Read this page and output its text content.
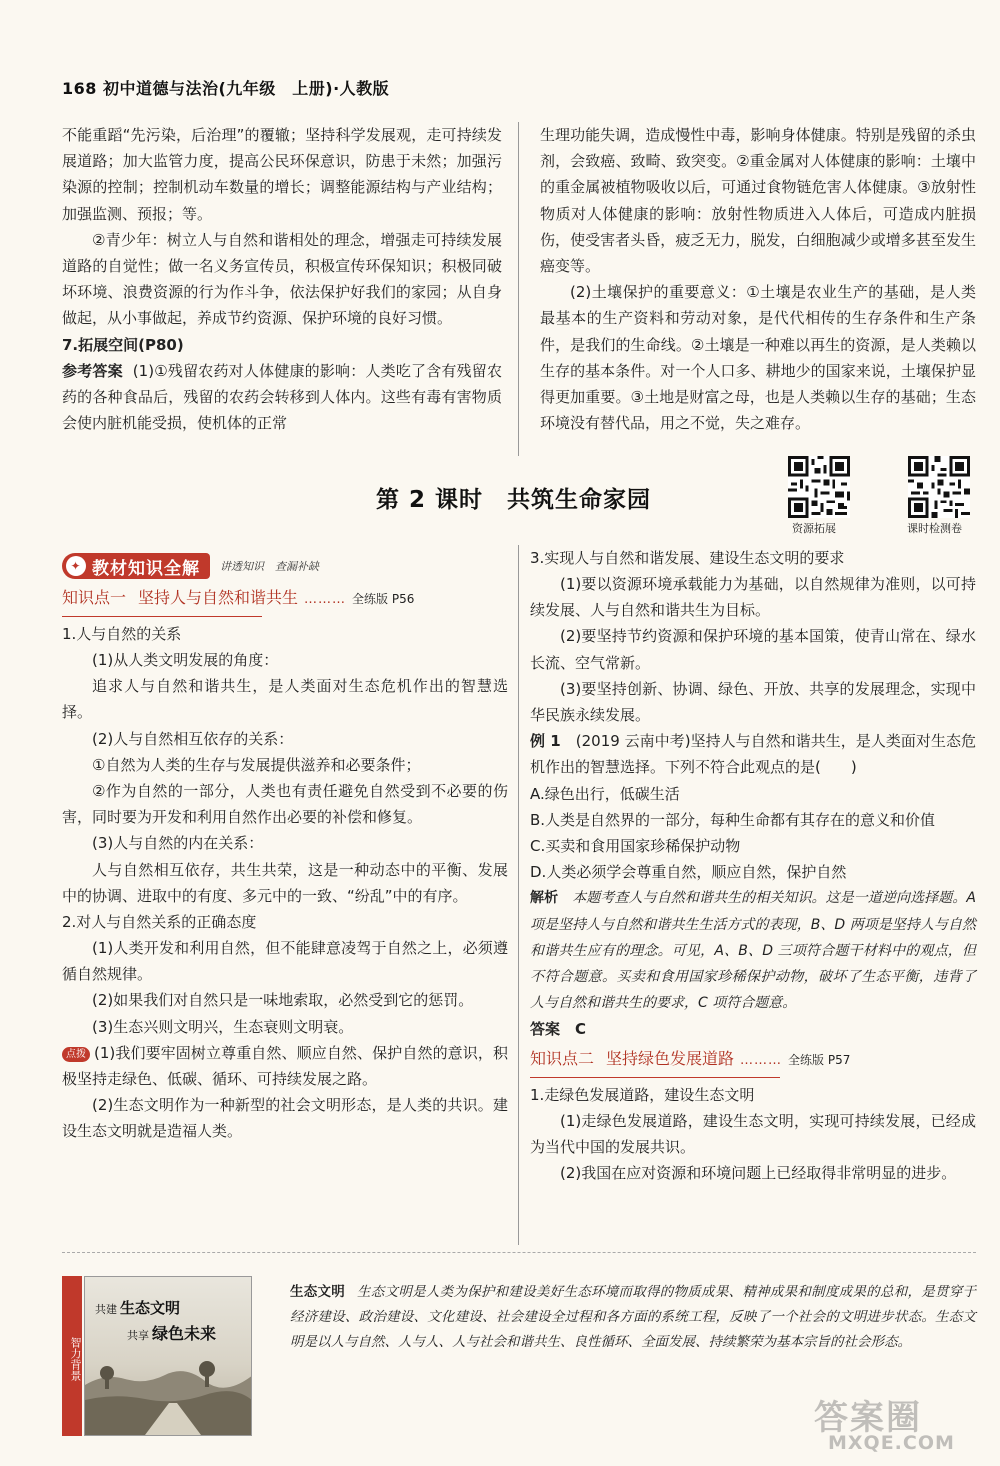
168 初中道德与法治(九年级　上册)·人教版

不能重蹈“先污染，后治理”的覆辙；坚持科学发展观，走可持续发展道路；加大监管力度，提高公民环保意识，防患于未然；加强污染源的控制；控制机动车数量的增长；调整能源结构与产业结构；加强监测、预报；等。

②青少年：树立人与自然和谐相处的理念，增强走可持续发展道路的自觉性；做一名义务宣传员，积极宣传环保知识；积极同破坏环境、浪费资源的行为作斗争，依法保护好我们的家园；从自身做起，从小事做起，养成节约资源、保护环境的良好习惯。

7.拓展空间(P80)

参考答案 (1)①残留农药对人体健康的影响：人类吃了含有残留农药的各种食品后，残留的农药会转移到人体内。这些有毒有害物质会使内脏机能受损，使机体的正常

生理功能失调，造成慢性中毒，影响身体健康。特别是残留的杀虫剂，会致癌、致畸、致突变。②重金属对人体健康的影响：土壤中的重金属被植物吸收以后，可通过食物链危害人体健康。③放射性物质对人体健康的影响：放射性物质进入人体后，可造成内脏损伤，使受害者头昏，疲乏无力，脱发，白细胞减少或增多甚至发生癌变等。

(2)土壤保护的重要意义：①土壤是农业生产的基础，是人类最基本的生产资料和劳动对象，是代代相传的生存条件和生产条件，是我们的生命线。②土壤是一种难以再生的资源，是人类赖以生存的基本条件。对一个人口多、耕地少的国家来说，土壤保护显得更加重要。③土地是财富之母，也是人类赖以生存的基础；生态环境没有替代品，用之不觉，失之难存。

第 2 课时　共筑生命家园
资源拓展	课时检测卷
✦ 教材知识全解 讲透知识　查漏补缺
知识点一 坚持人与自然和谐共生 ……… 全练版 P56
1.人与自然的关系

(1)从人类文明发展的角度：

追求人与自然和谐共生，是人类面对生态危机作出的智慧选择。

(2)人与自然相互依存的关系：

①自然为人类的生存与发展提供滋养和必要条件；

②作为自然的一部分，人类也有责任避免自然受到不必要的伤害，同时要为开发和利用自然作出必要的补偿和修复。

(3)人与自然的内在关系：

人与自然相互依存，共生共荣，这是一种动态中的平衡、发展中的协调、进取中的有度、多元中的一致、“纷乱”中的有序。

2.对人与自然关系的正确态度

(1)人类开发和利用自然，但不能肆意凌驾于自然之上，必须遵循自然规律。

(2)如果我们对自然只是一味地索取，必然受到它的惩罚。

(3)生态兴则文明兴，生态衰则文明衰。

点拨 (1)我们要牢固树立尊重自然、顺应自然、保护自然的意识，积极坚持走绿色、低碳、循环、可持续发展之路。

(2)生态文明作为一种新型的社会文明形态，是人类的共识。建设生态文明就是造福人类。

3.实现人与自然和谐发展、建设生态文明的要求

(1)要以资源环境承载能力为基础，以自然规律为准则，以可持续发展、人与自然和谐共生为目标。

(2)要坚持节约资源和保护环境的基本国策，使青山常在、绿水长流、空气常新。

(3)要坚持创新、协调、绿色、开放、共享的发展理念，实现中华民族永续发展。

例 1　 (2019 云南中考)坚持人与自然和谐共生，是人类面对生态危机作出的智慧选择。下列不符合此观点的是(　　)

A.绿色出行，低碳生活

B.人类是自然界的一部分，每种生命都有其存在的意义和价值

C.买卖和食用国家珍稀保护动物

D.人类必须学会尊重自然，顺应自然，保护自然

解析　 本题考查人与自然和谐共生的相关知识。这是一道逆向选择题。A 项是坚持人与自然和谐共生生活方式的表现，B、D 两项是坚持人与自然和谐共生应有的理念。可见，A、B、D 三项符合题干材料中的观点，但不符合题意。买卖和食用国家珍稀保护动物，破坏了生态平衡，违背了人与自然和谐共生的要求，C 项符合题意。

答案　 C

知识点二 坚持绿色发展道路 ……… 全练版 P57
1.走绿色发展道路，建设生态文明

(1)走绿色发展道路，建设生态文明，实现可持续发展，已经成为当代中国的发展共识。

(2)我国在应对资源和环境问题上已经取得非常明显的进步。

智力背景
共建 生态文明
共享 绿色未来
生态文明 生态文明是人类为保护和建设美好生态环境而取得的物质成果、精神成果和制度成果的总和，是贯穿于经济建设、政治建设、文化建设、社会建设全过程和各方面的系统工程，反映了一个社会的文明进步状态。生态文明是以人与自然、人与人、人与社会和谐共生、良性循环、全面发展、持续繁荣为基本宗旨的社会形态。
答案圈
MXQE.COM
